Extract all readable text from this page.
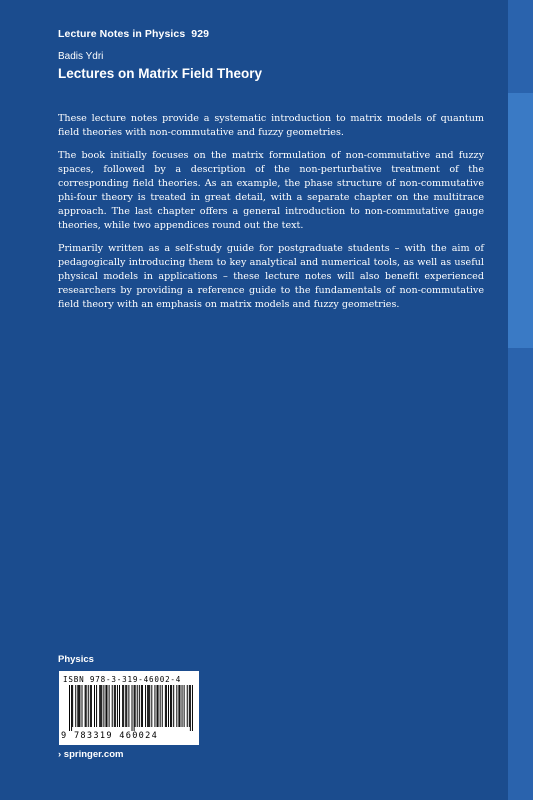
Lecture Notes in Physics 929
Badis Ydri
Lectures on Matrix Field Theory

These lecture notes provide a systematic introduction to matrix models of quantum field theories with non-commutative and fuzzy geometries.

The book initially focuses on the matrix formulation of non-commutative and fuzzy spaces, followed by a description of the non-perturbative treatment of the corresponding field theories. As an example, the phase structure of non-commutative phi-four theory is treated in great detail, with a separate chapter on the multitrace approach. The last chapter offers a general introduction to non-commutative gauge theories, while two appendices round out the text.

Primarily written as a self-study guide for postgraduate students – with the aim of pedagogically introducing them to key analytical and numerical tools, as well as useful physical models in applications – these lecture notes will also benefit experienced researchers by providing a reference guide to the fundamentals of non-commutative field theory with an emphasis on matrix models and fuzzy geometries.

Physics
ISBN 978-3-319-46002-4
9 783319 460024
› springer.com
